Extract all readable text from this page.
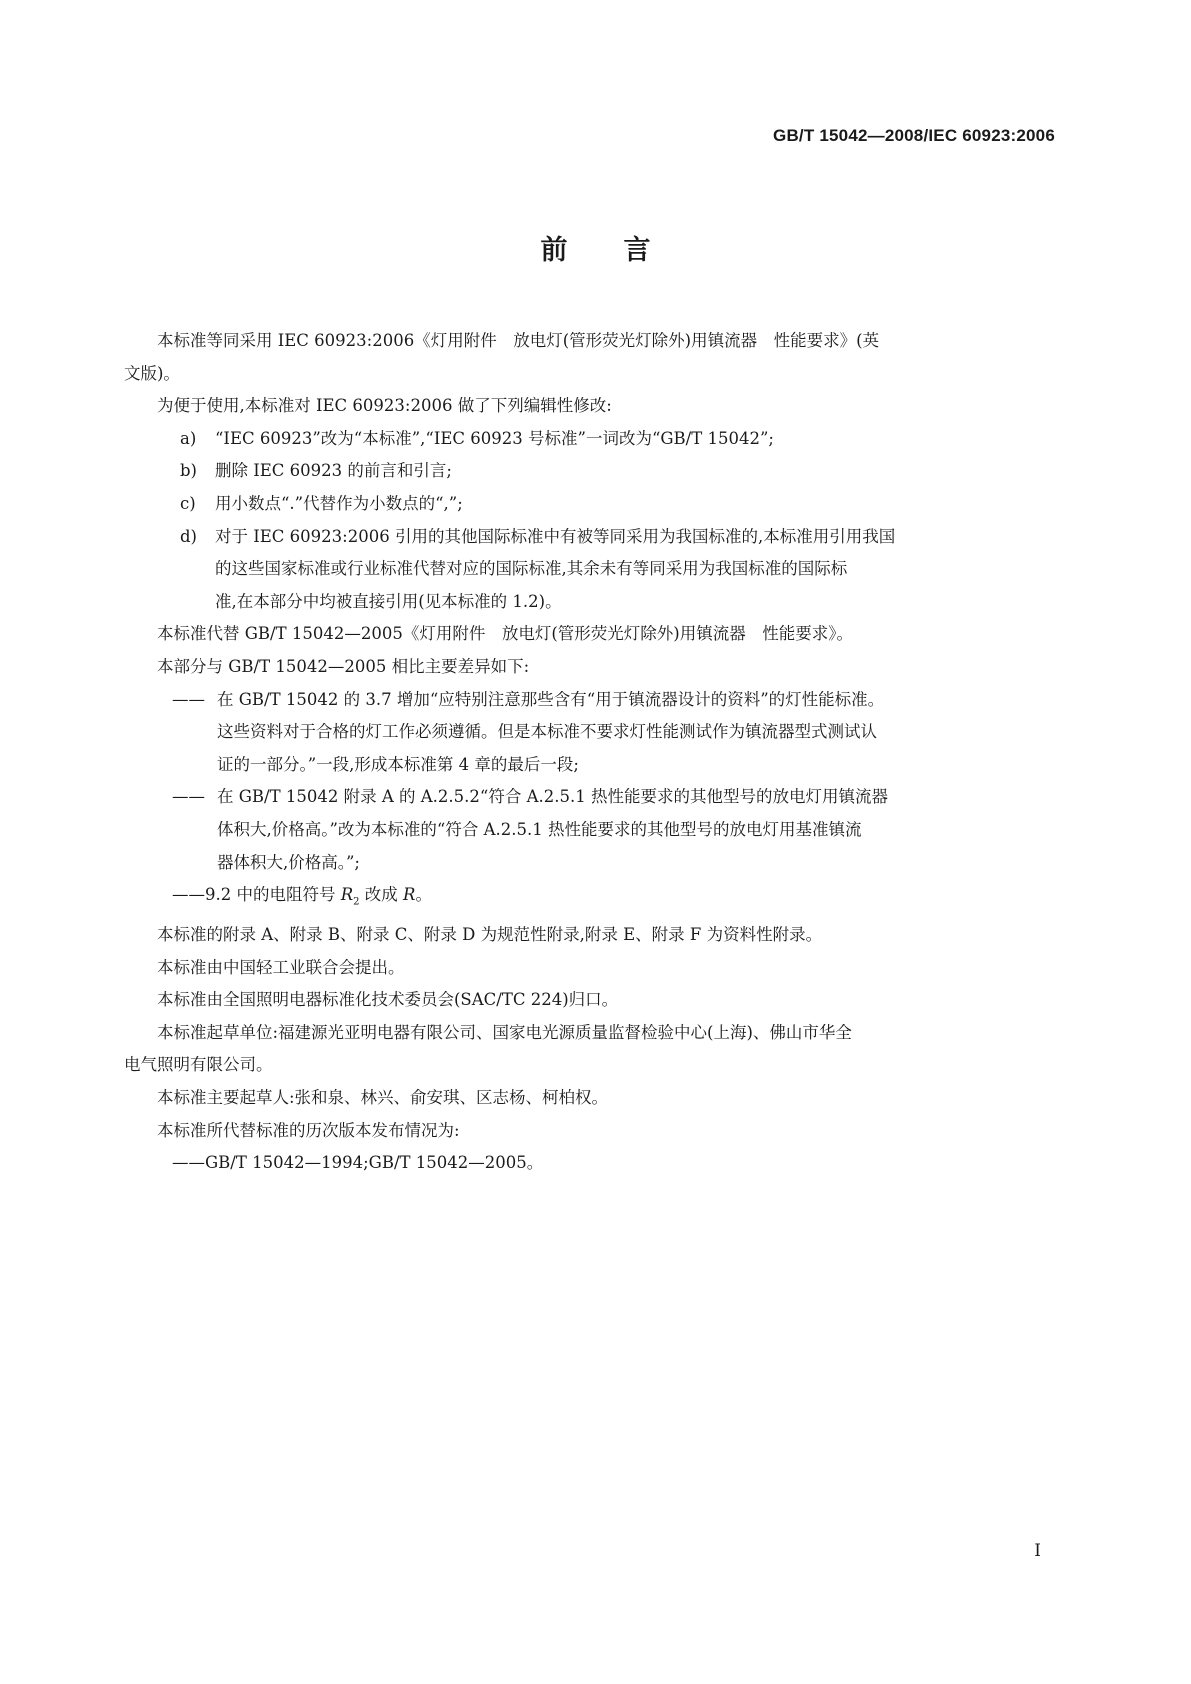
GB/T 15042—2008/IEC 60923:2006
前 言

本标准等同采用 IEC 60923:2006《灯用附件　放电灯(管形荧光灯除外)用镇流器　性能要求》(英

文版)。

为便于使用,本标准对 IEC 60923:2006 做了下列编辑性修改:

a) “IEC 60923”改为“本标准”,“IEC 60923 号标准”一词改为“GB/T 15042”;

b) 删除 IEC 60923 的前言和引言;

c) 用小数点“.”代替作为小数点的“,”;

d) 对于 IEC 60923:2006 引用的其他国际标准中有被等同采用为我国标准的,本标准用引用我国

的这些国家标准或行业标准代替对应的国际标准,其余未有等同采用为我国标准的国际标

准,在本部分中均被直接引用(见本标准的 1.2)。

本标准代替 GB/T 15042—2005《灯用附件　放电灯(管形荧光灯除外)用镇流器　性能要求》。

本部分与 GB/T 15042—2005 相比主要差异如下:

—— 在 GB/T 15042 的 3.7 增加“应特别注意那些含有“用于镇流器设计的资料”的灯性能标准。

这些资料对于合格的灯工作必须遵循。但是本标准不要求灯性能测试作为镇流器型式测试认

证的一部分。”一段,形成本标准第 4 章的最后一段;

—— 在 GB/T 15042 附录 A 的 A.2.5.2“符合 A.2.5.1 热性能要求的其他型号的放电灯用镇流器

体积大,价格高。”改为本标准的“符合 A.2.5.1 热性能要求的其他型号的放电灯用基准镇流

器体积大,价格高。”;

——9.2 中的电阻符号 $R_2$ 改成 R。

本标准的附录 A、附录 B、附录 C、附录 D 为规范性附录,附录 E、附录 F 为资料性附录。

本标准由中国轻工业联合会提出。

本标准由全国照明电器标准化技术委员会(SAC/TC 224)归口。

本标准起草单位:福建源光亚明电器有限公司、国家电光源质量监督检验中心(上海)、佛山市华全

电气照明有限公司。

本标准主要起草人:张和泉、林兴、俞安琪、区志杨、柯柏权。

本标准所代替标准的历次版本发布情况为:

——GB/T 15042—1994;GB/T 15042—2005。

I
